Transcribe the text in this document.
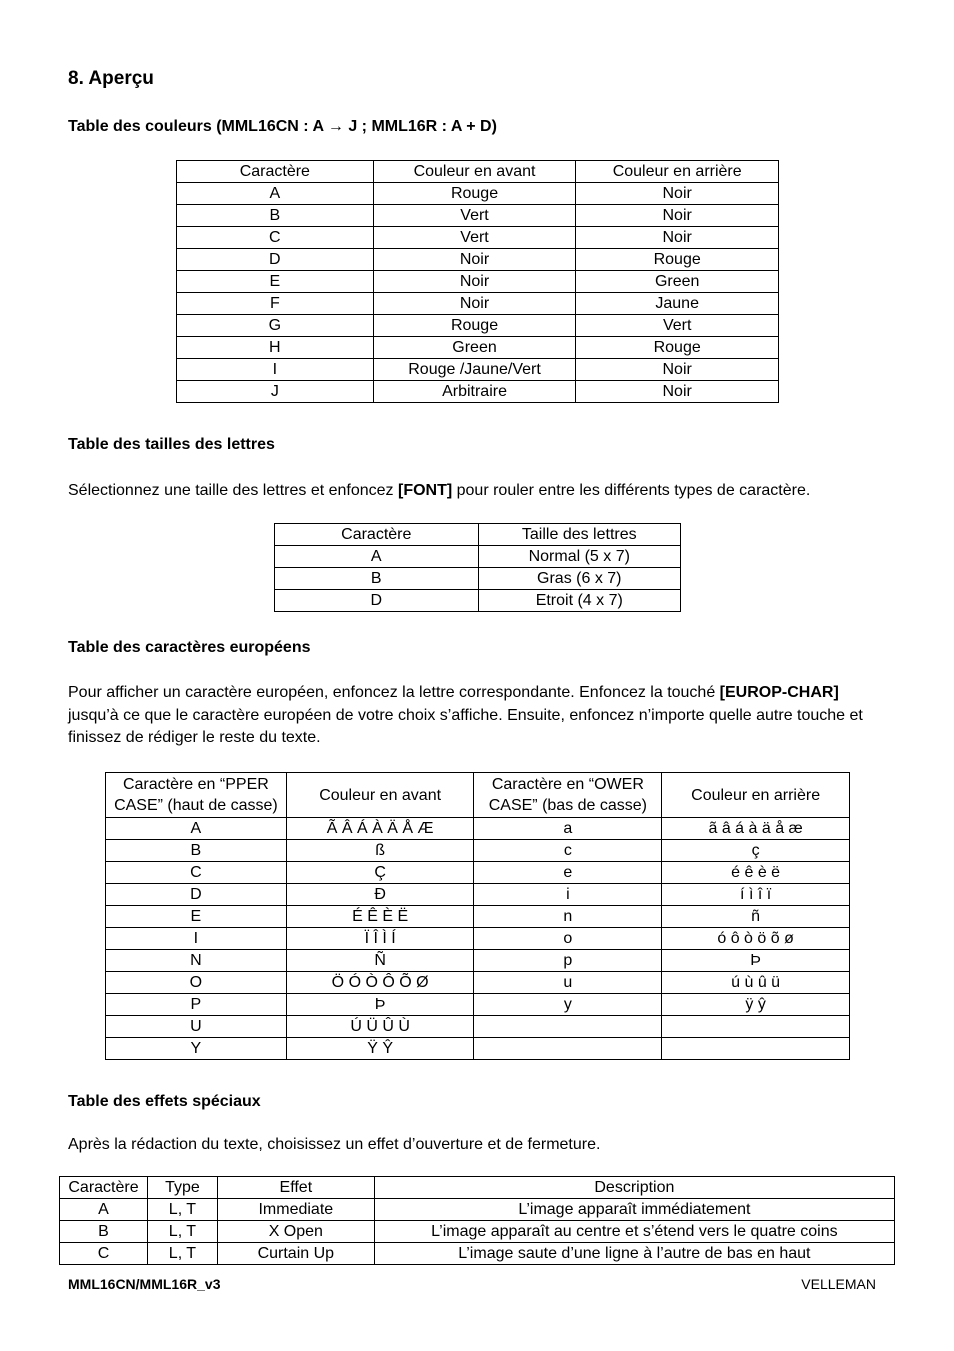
8. Aperçu

Table des couleurs (MML16CN : A → J ; MML16R : A + D)

Caractère	Couleur en avant	Couleur en arrière
A	Rouge	Noir
B	Vert	Noir
C	Vert	Noir
D	Noir	Rouge
E	Noir	Green
F	Noir	Jaune
G	Rouge	Vert
H	Green	Rouge
I	Rouge /Jaune/Vert	Noir
J	Arbitraire	Noir

Table des tailles des lettres

Sélectionnez une taille des lettres et enfoncez [FONT] pour rouler entre les différents types de caractère.

Caractère	Taille des lettres
A	Normal (5 x 7)
B	Gras (6 x 7)
D	Etroit (4 x 7)

Table des caractères européens

Pour afficher un caractère européen, enfoncez la lettre correspondante. Enfoncez la touché [EUROP-CHAR] jusqu’à ce que le caractère européen de votre choix s’affiche. Ensuite, enfoncez n’importe quelle autre touche et finissez de rédiger le reste du texte.

Caractère en “PPER CASE” (haut de casse)	Couleur en avant	Caractère en “OWER CASE” (bas de casse)	Couleur en arrière
A	Ã Â Á À Ä Å Æ	a	ã â á à ä å æ
B	ß	c	ç
C	Ç	e	é ê è ë
D	Đ	i	í ì î ï
E	É Ê È Ë	n	ñ
I	Ï Î Ì Í	o	ó ô ò ö õ ø
N	Ñ	p	Þ
O	Ö Ó Ò Ô Õ Ø	u	ú ù û ü
P	Þ	y	ÿ ŷ
U	Ú Ü Û Ù		
Y	Ÿ Ŷ		

Table des effets spéciaux

Après la rédaction du texte, choisissez un effet d’ouverture et de fermeture.

Caractère	Type	Effet	Description
A	L, T	Immediate	L’image apparaît immédiatement
B	L, T	X Open	L’image apparaît au centre et s’étend vers le quatre coins
C	L, T	Curtain Up	L’image saute d’une ligne à l’autre de bas en haut
MML16CN/MML16R_v3	VELLEMAN
